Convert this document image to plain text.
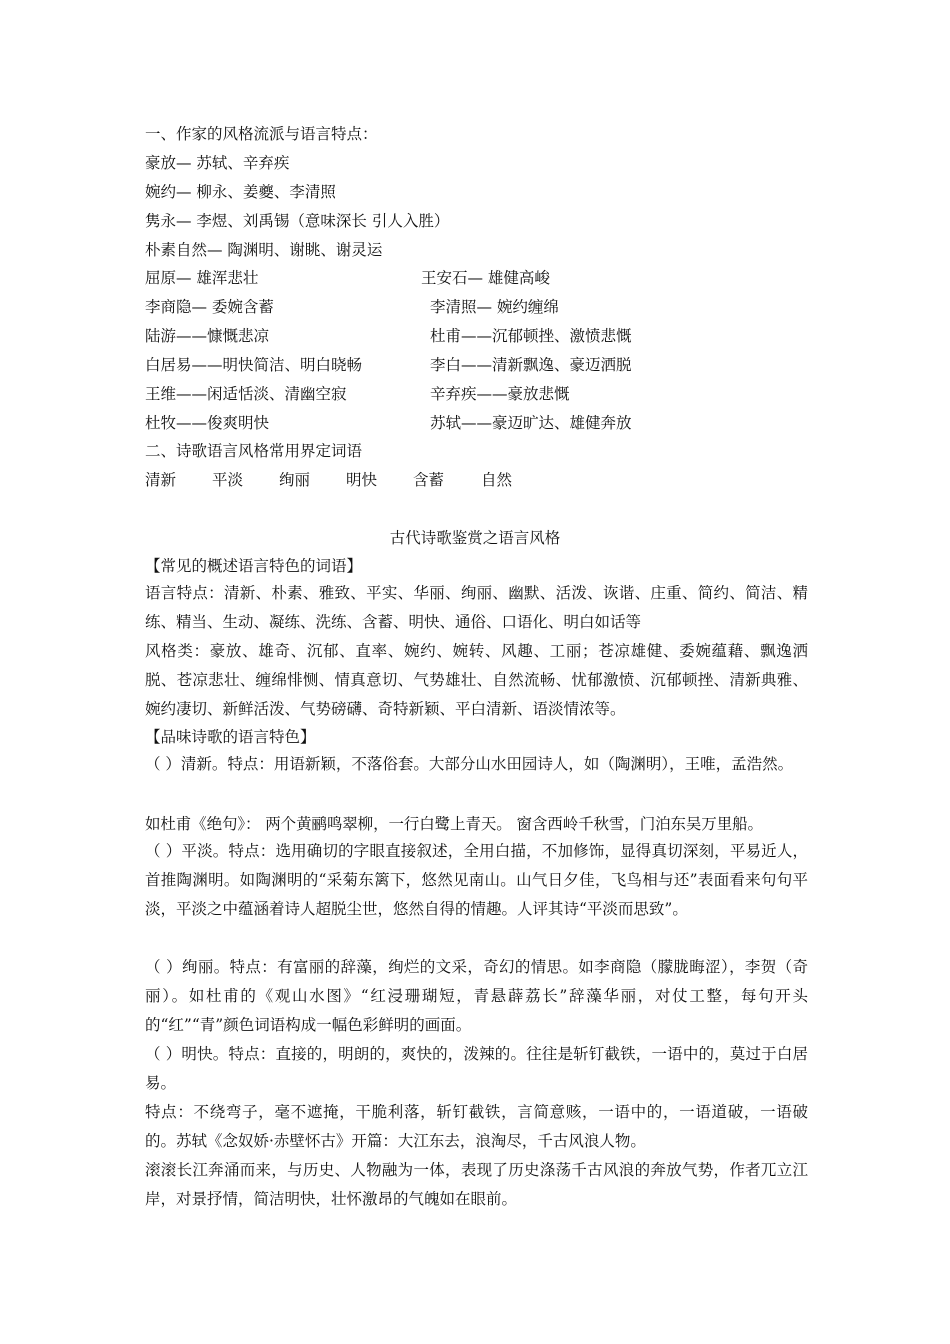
一、作家的风格流派与语言特点：
豪放— 苏轼、辛弃疾
婉约— 柳永、姜夔、李清照
隽永— 李煜、刘禹锡（意味深长 引人入胜）
朴素自然— 陶渊明、谢眺、谢灵运
屈原— 雄浑悲壮	王安石— 雄健高峻
李商隐— 委婉含蓄	李清照— 婉约缠绵
陆游——慷慨悲凉	杜甫——沉郁顿挫、激愤悲慨
白居易——明快简洁、明白晓畅	李白——清新飘逸、豪迈洒脱
王维——闲适恬淡、清幽空寂	辛弃疾——豪放悲慨
杜牧——俊爽明快	苏轼——豪迈旷达、雄健奔放
二、诗歌语言风格常用界定词语
清新 平淡 绚丽 明快 含蓄 自然
古代诗歌鉴赏之语言风格
【常见的概述语言特色的词语】
语言特点：清新、朴素、雅致、平实、华丽、绚丽、幽默、活泼、诙谐、庄重、简约、简洁、精练、精当、生动、凝练、洗练、含蓄、明快、通俗、口语化、明白如话等
风格类：豪放、雄奇、沉郁、直率、婉约、婉转、风趣、工丽；苍凉雄健、委婉蕴藉、飘逸洒脱、苍凉悲壮、缠绵悱恻、情真意切、气势雄壮、自然流畅、忧郁激愤、沉郁顿挫、清新典雅、婉约凄切、新鲜活泼、气势磅礴、奇特新颖、平白清新、语淡情浓等。
【品味诗歌的语言特色】
（ ）清新。特点：用语新颖，不落俗套。大部分山水田园诗人，如（陶渊明），王唯，孟浩然。
如杜甫《绝句》： 两个黄鹂鸣翠柳，一行白鹭上青天。 窗含西岭千秋雪，门泊东吴万里船。
（ ）平淡。特点：选用确切的字眼直接叙述，全用白描，不加修饰，显得真切深刻，平易近人，首推陶渊明。如陶渊明的“采菊东篱下，悠然见南山。山气日夕佳，飞鸟相与还”表面看来句句平淡，平淡之中蕴涵着诗人超脱尘世，悠然自得的情趣。人评其诗“平淡而思致”。
（ ）绚丽。特点：有富丽的辞藻，绚烂的文采，奇幻的情思。如李商隐（朦胧晦涩），李贺（奇丽）。如杜甫的《观山水图》“红浸珊瑚短，青悬薜荔长”辞藻华丽，对仗工整，每句开头的“红”“青”颜色词语构成一幅色彩鲜明的画面。
（ ）明快。特点：直接的，明朗的，爽快的，泼辣的。往往是斩钉截铁，一语中的，莫过于白居易。
特点：不绕弯子，毫不遮掩，干脆利落，斩钉截铁，言简意赅，一语中的，一语道破，一语破的。苏轼《念奴娇·赤壁怀古》开篇：大江东去，浪淘尽，千古风浪人物。
滚滚长江奔涌而来，与历史、人物融为一体，表现了历史涤荡千古风浪的奔放气势，作者兀立江岸，对景抒情，简洁明快，壮怀激昂的气魄如在眼前。
